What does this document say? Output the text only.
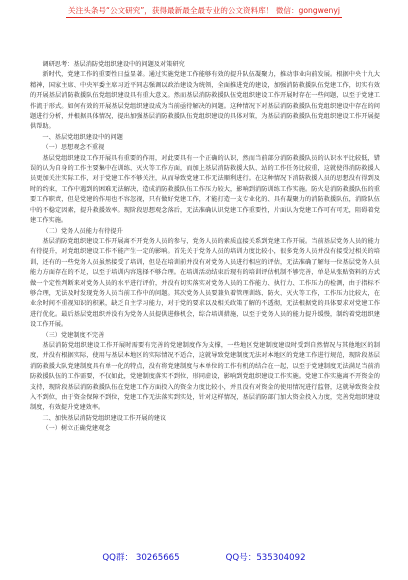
关注头条号“公文研究”，获得最新最全最专业的公文资料库！ 微信：gongwenyj

调研思考：基层消防党组织建设中的问题及对策研究

新时代，党建工作的重要性日益显著。通过实施党建工作能够有效的提升队伍凝聚力，推动事业向前发展。根据中央十九大精神，国家主席、中央军委主席习近平同志强调以政治建设为统领，全面推进党的建设，加强消防救援队伍党建工作，切实有效的开展基层消防救援队伍党组织建设具有重大意义。然而基层消防救援队伍党组织建设工作开展时存在一些问题，以至于党建工作流于形式。如何有效的开展基层党组织建设成为当前亟待解决的问题。这种情况下对基层消防救援队伍党组织建设中存在的问题进行分析，并根据具体情况，提出加强基层消防救援队伍党组织建设的具体对策，为基层消防救援队伍党组织建设工作开展提供帮助。

一、基层党组织建设中的问题

（一）思想观念不重视

基层党组织建设工作开展具有重要的作用，对此要具有一个正确的认识，然而当前部分消防救援队员的认识水平比较低，错误的认为自身的工作主要集中在训练、灭火等工作方面，而加上基层消防救援大队、站的工作任务比较重，这就使得消防救援人员更加关注实际工作，对于党建工作不够关注，从而导致党建工作无法顺利进行。在这种情况下消防救援人员的思想没有得到及时的约束，工作中遇到的困难无法解决，造成消防救援队伍工作压力较大，影响到消防训练工作实施。防火是消防救援队伍的重要工作职责，但是党建的作用也不容忽视，只有做好党建工作，才能打造一支专业化的、具有凝聚力的消防救援队伍，消除队伍中的不稳定因素，提升救援效率。现阶段思想观念落后，无法准确认识党建工作重要性，片面认为党建工作可有可无，阻碍着党建工作实施。

（二）党务人员能力有待提升

基层消防党组织建设工作开展离不开党务人员的参与，党务人员的素质直接关系到党建工作开展。当前基层党务人员的能力有待提升，对党组织建设工作不能产生一定的影响。首先关于党务人员的培训力度比较小，很多党务人员并没有接受过相关的培训，还有的一些党务人员虽然接受了培训，但是在培训前并没有对党务人员进行相应的评估，无法准确了解每一位基层党务人员能力方面存在的不足，以至于培训内容选择不够合理。在培训活动结束后现有的培训评估机制不够完善，单是从张贴资料的方式做一个定性判断来对党务人员的水平进行评价，并没有切实落实对党务人员的工作能力、执行力、工作压力的检测，由于指标不够合理，无法及时发现党务人员当前工作中的问题。其次党务人员要兼负着管理训练、防火、灭火等工作，工作压力比较大，在业余时间不重视知识的积累，缺乏自主学习能力，对于党的要求以及相关政策了解的不透彻，无法根据党的具体要求对党建工作进行优化。最后基层党组织并没有为党务人员提供进修机会，综合培训措施，以至于党务人员的能力提升缓慢，制约着党组织建设工作开展。

（三）党建制度不完善

基层消防党组织建设工作开展时需要有完善的党建制度作为支撑，一些地区党建制度建设时受到自然情况与其他地区的制度，并没有根据实际，使用与基层本地区的实际情况不适合，这就导致党建制度无法对本地区的党建工作进行规范，现阶段基层消防救援大队党建制度具有单一化的特点，没有将党建制度与本单位的工作有机的结合在一起，以至于党建制度无法满足当前消防救援队伍的工作需要，不仅如此，党建制度落实不到位，形同虚设，影响到党组织建设工作实施。党建工作实施离不开资金的支持，现阶段基层消防救援队伍在党建工作方面投入的资金力度比较小，并且没有对资金的使用情况进行监督，这就导致资金投入不到位，由于资金保障不到位，党建工作无法落实到实处，针对这样情况，基层消防部门加大资金投入力度，完善党组织建设制度，有效提升党建效率。

二、加快基层消防党组织建设工作开展的建议

（一）树立正确党建观念

QQ群： 30265665	QQ号：535304092
